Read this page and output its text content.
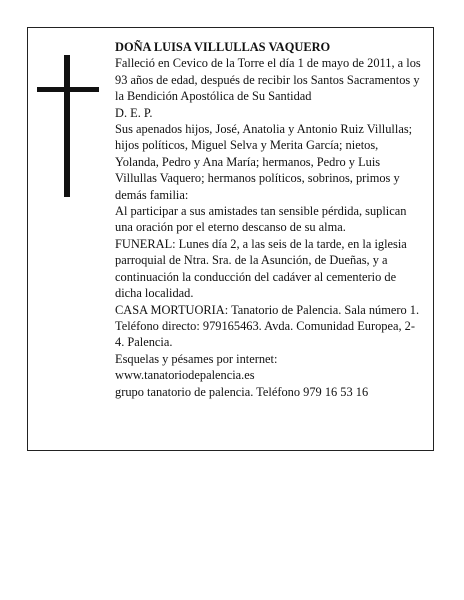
DOÑA LUISA VILLULLAS VAQUERO

Falleció en Cevico de la Torre el día 1 de mayo de 2011, a los 93 años de edad, después de recibir los Santos Sacramentos y la Bendición Apostólica de Su Santidad

D. E. P.

Sus apenados hijos, José, Anatolia y Antonio Ruiz Villullas; hijos políticos, Miguel Selva y Merita García; nietos, Yolanda, Pedro y Ana María; hermanos, Pedro y Luis Villullas Vaquero; hermanos políticos, sobrinos, primos y demás familia:

Al participar a sus amistades tan sensible pérdida, suplican una oración por el eterno descanso de su alma.

FUNERAL: Lunes día 2, a las seis de la tarde, en la iglesia parroquial de Ntra. Sra. de la Asunción, de Dueñas, y a continuación la conducción del cadáver al cementerio de dicha localidad.

CASA MORTUORIA: Tanatorio de Palencia. Sala número 1. Teléfono directo: 979165463. Avda. Comunidad Europea, 2-4. Palencia.

Esquelas y pésames por internet:

www.tanatoriodepalencia.es

grupo tanatorio de palencia. Teléfono 979 16 53 16
